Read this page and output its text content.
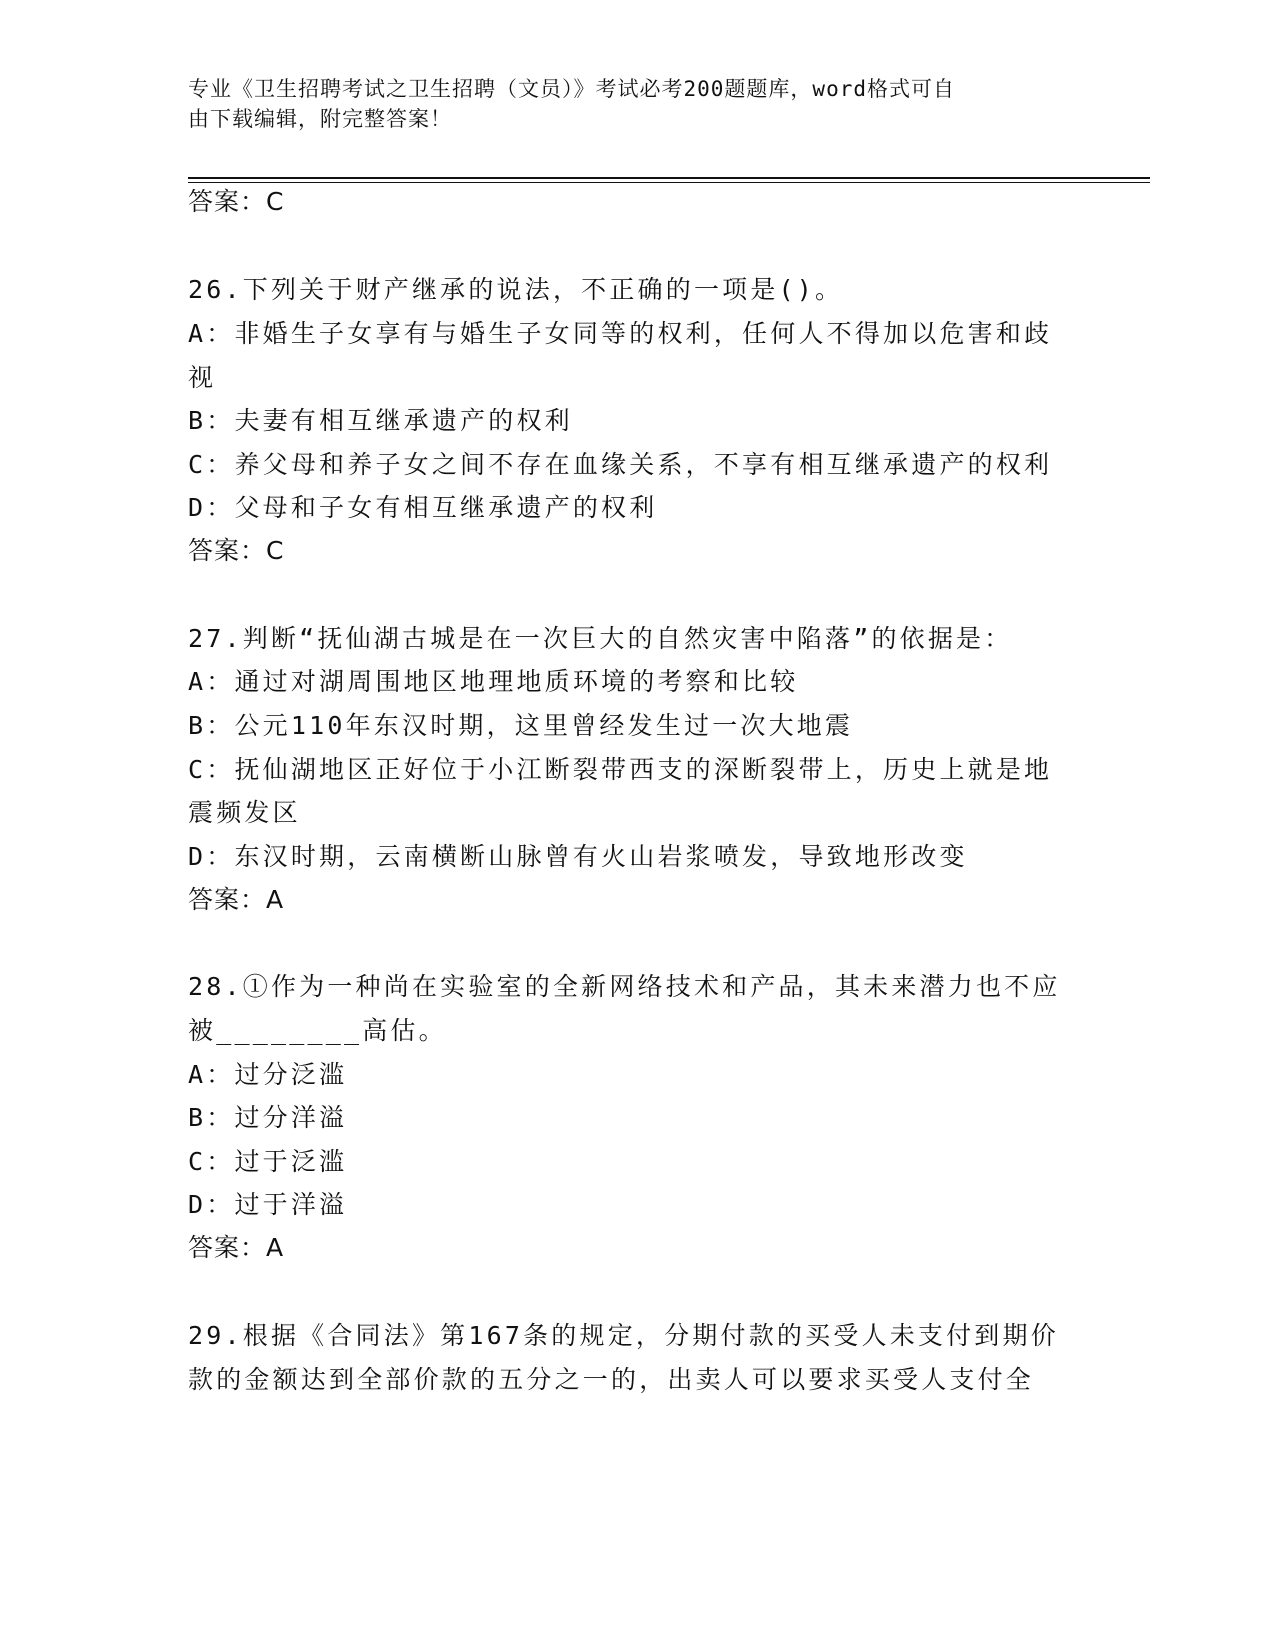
专业《卫生招聘考试之卫生招聘（文员）》考试必考200题题库，word格式可自
由下载编辑，附完整答案！
答案：C
26.下列关于财产继承的说法，不正确的一项是()。
A：非婚生子女享有与婚生子女同等的权利，任何人不得加以危害和歧
视
B：夫妻有相互继承遗产的权利
C：养父母和养子女之间不存在血缘关系，不享有相互继承遗产的权利
D：父母和子女有相互继承遗产的权利
答案：C
27.判断“抚仙湖古城是在一次巨大的自然灾害中陷落”的依据是：
A：通过对湖周围地区地理地质环境的考察和比较
B：公元110年东汉时期，这里曾经发生过一次大地震
C：抚仙湖地区正好位于小江断裂带西支的深断裂带上，历史上就是地
震频发区
D：东汉时期，云南横断山脉曾有火山岩浆喷发，导致地形改变
答案：A
28.①作为一种尚在实验室的全新网络技术和产品，其未来潜力也不应
被________高估。
A：过分泛滥
B：过分洋溢
C：过于泛滥
D：过于洋溢
答案：A
29.根据《合同法》第167条的规定，分期付款的买受人未支付到期价
款的金额达到全部价款的五分之一的，出卖人可以要求买受人支付全
